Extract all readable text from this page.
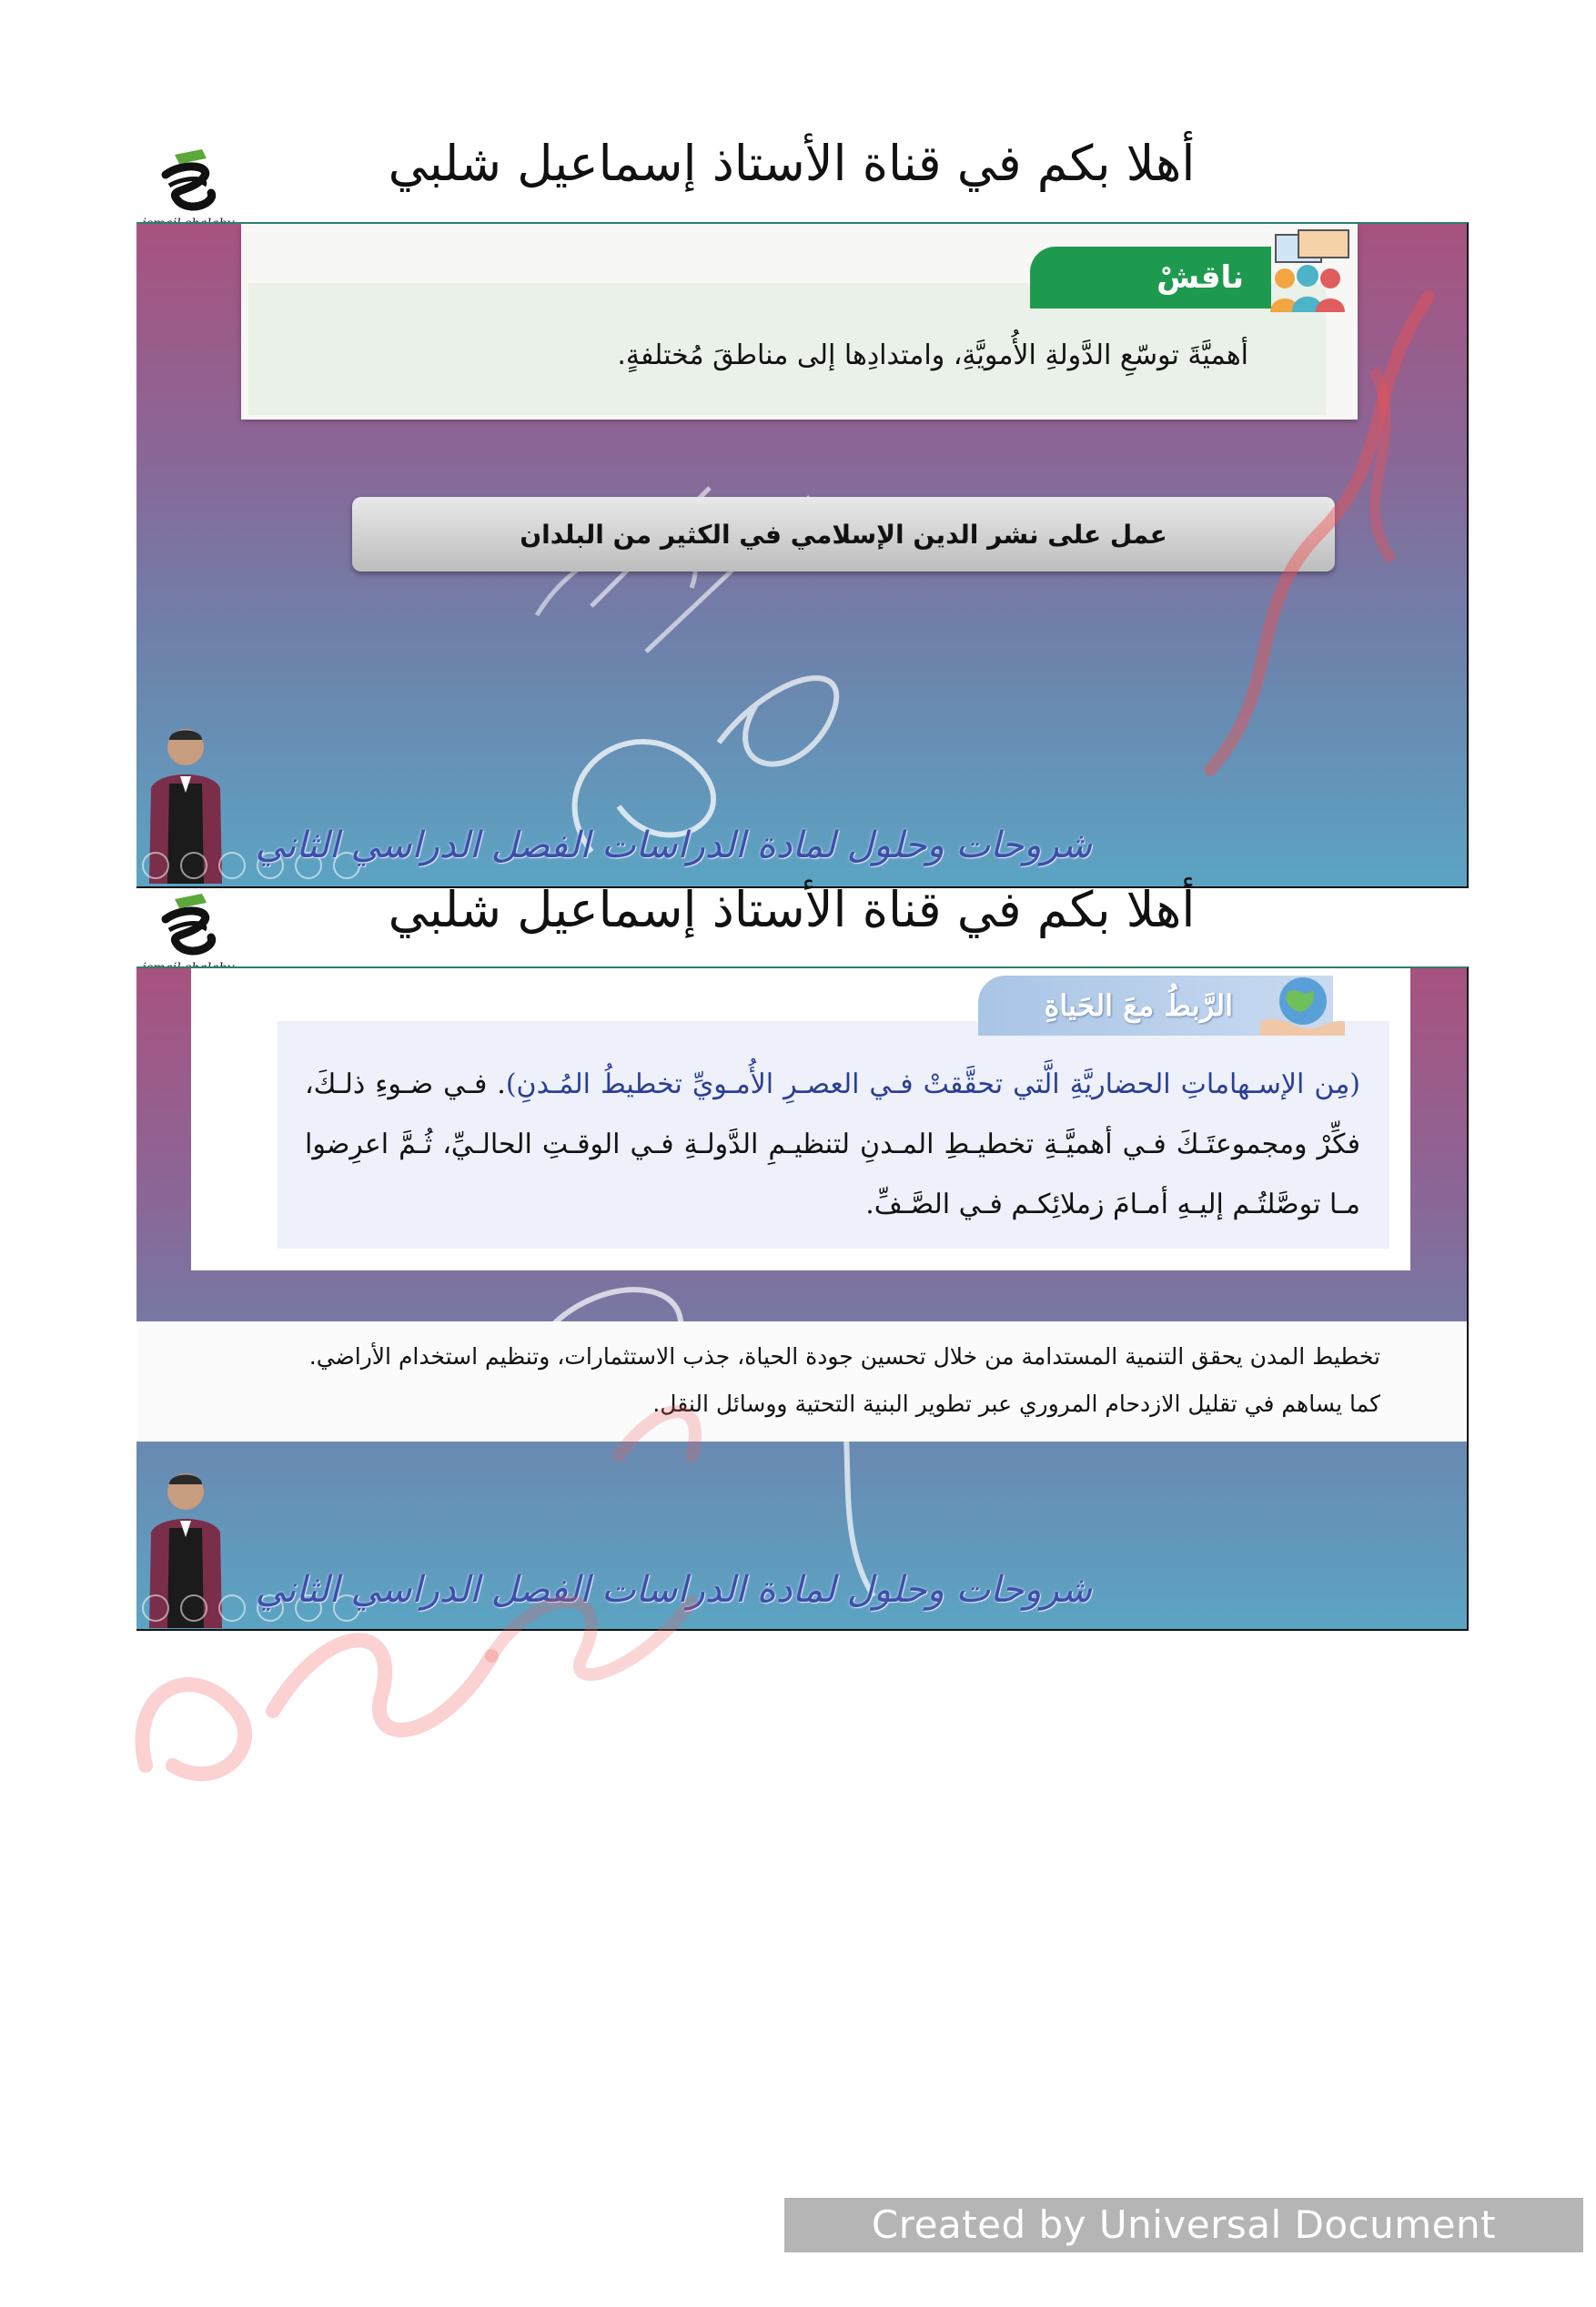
أهلا بكم في قناة الأستاذ إسماعيل شلبي
ناقشْ
أهميَّةَ توسّعِ الدَّولةِ الأُمويَّةِ، وامتدادِها إلى مناطقَ مُختلفةٍ.
عمل على نشر الدين الإسلامي في الكثير من البلدان
شروحات وحلول لمادة الدراسات الفصل الدراسي الثاني
أهلا بكم في قناة الأستاذ إسماعيل شلبي
الرَّبطُ معَ الحَياةِ
(مِن الإسـهاماتِ الحضاريَّةِ الَّتي تحقَّقتْ فـي العصـرِ الأُمـويِّ تخطيطُ المُـدنِ). فـي ضـوءِ ذلـكَ، فكِّرْ ومجموعتَـكَ فـي أهميَّـةِ تخطيـطِ المـدنِ لتنظيـمِ الدَّولـةِ فـي الوقـتِ الحالـيِّ، ثُـمَّ اعرِضوا مـا توصَّلتُـم إليـهِ أمـامَ زملائِكـم فـي الصَّـفِّ.
تخطيط المدن يحقق التنمية المستدامة من خلال تحسين جودة الحياة، جذب الاستثمارات، وتنظيم استخدام الأراضي.
كما يساهم في تقليل الازدحام المروري عبر تطوير البنية التحتية ووسائل النقل.
شروحات وحلول لمادة الدراسات الفصل الدراسي الثاني
Created by Universal Document Converter
